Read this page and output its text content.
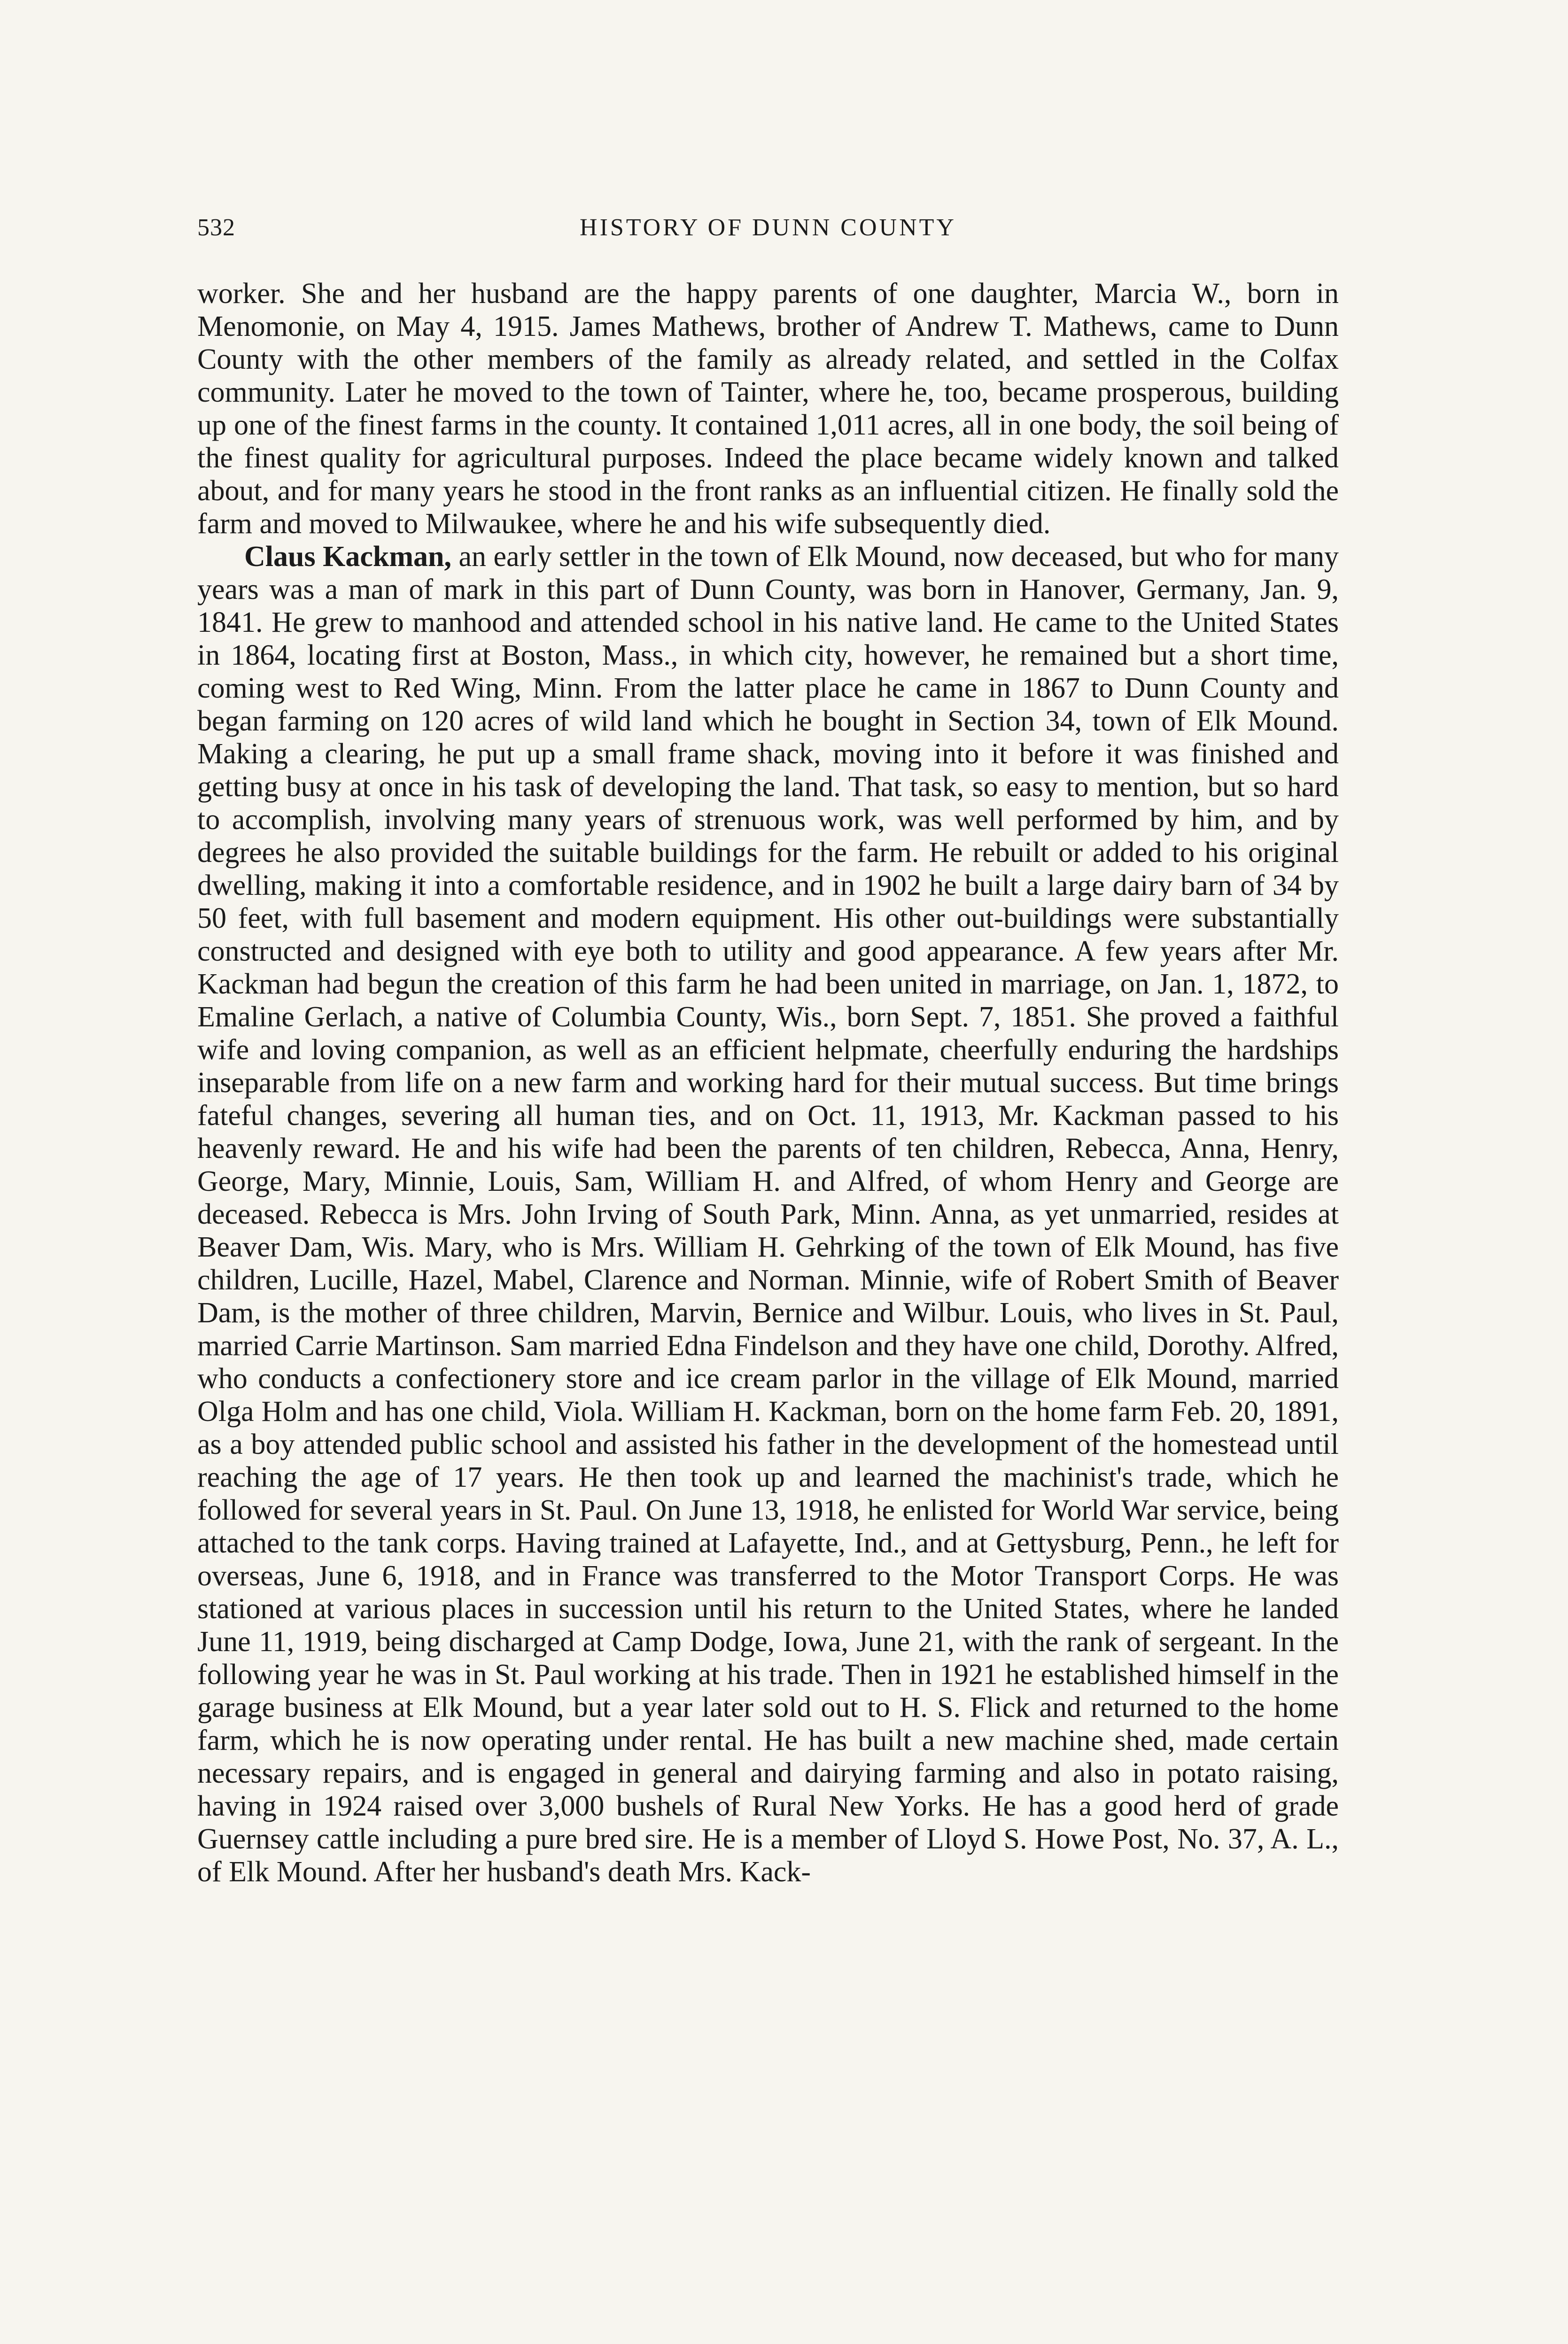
532	HISTORY OF DUNN COUNTY

worker. She and her husband are the happy parents of one daughter, Marcia W., born in Menomonie, on May 4, 1915. James Mathews, brother of Andrew T. Mathews, came to Dunn County with the other members of the family as already related, and settled in the Colfax community. Later he moved to the town of Tainter, where he, too, became prosperous, building up one of the finest farms in the county. It contained 1,011 acres, all in one body, the soil being of the finest quality for agricultural purposes. Indeed the place became widely known and talked about, and for many years he stood in the front ranks as an influential citizen. He finally sold the farm and moved to Milwaukee, where he and his wife subsequently died.

Claus Kackman, an early settler in the town of Elk Mound, now deceased, but who for many years was a man of mark in this part of Dunn County, was born in Hanover, Germany, Jan. 9, 1841. He grew to manhood and attended school in his native land. He came to the United States in 1864, locating first at Boston, Mass., in which city, however, he remained but a short time, coming west to Red Wing, Minn. From the latter place he came in 1867 to Dunn County and began farming on 120 acres of wild land which he bought in Section 34, town of Elk Mound. Making a clearing, he put up a small frame shack, moving into it before it was finished and getting busy at once in his task of developing the land. That task, so easy to mention, but so hard to accomplish, involving many years of strenuous work, was well performed by him, and by degrees he also provided the suitable buildings for the farm. He rebuilt or added to his original dwelling, making it into a comfortable residence, and in 1902 he built a large dairy barn of 34 by 50 feet, with full basement and modern equipment. His other out-buildings were substantially constructed and designed with eye both to utility and good appearance. A few years after Mr. Kackman had begun the creation of this farm he had been united in marriage, on Jan. 1, 1872, to Emaline Gerlach, a native of Columbia County, Wis., born Sept. 7, 1851. She proved a faithful wife and loving companion, as well as an efficient helpmate, cheerfully enduring the hardships inseparable from life on a new farm and working hard for their mutual success. But time brings fateful changes, severing all human ties, and on Oct. 11, 1913, Mr. Kackman passed to his heavenly reward. He and his wife had been the parents of ten children, Rebecca, Anna, Henry, George, Mary, Minnie, Louis, Sam, William H. and Alfred, of whom Henry and George are deceased. Rebecca is Mrs. John Irving of South Park, Minn. Anna, as yet unmarried, resides at Beaver Dam, Wis. Mary, who is Mrs. William H. Gehrking of the town of Elk Mound, has five children, Lucille, Hazel, Mabel, Clarence and Norman. Minnie, wife of Robert Smith of Beaver Dam, is the mother of three children, Marvin, Bernice and Wilbur. Louis, who lives in St. Paul, married Carrie Martinson. Sam married Edna Findelson and they have one child, Dorothy. Alfred, who conducts a confectionery store and ice cream parlor in the village of Elk Mound, married Olga Holm and has one child, Viola. William H. Kackman, born on the home farm Feb. 20, 1891, as a boy attended public school and assisted his father in the development of the homestead until reaching the age of 17 years. He then took up and learned the machinist's trade, which he followed for several years in St. Paul. On June 13, 1918, he enlisted for World War service, being attached to the tank corps. Having trained at Lafayette, Ind., and at Gettysburg, Penn., he left for overseas, June 6, 1918, and in France was transferred to the Motor Transport Corps. He was stationed at various places in succession until his return to the United States, where he landed June 11, 1919, being discharged at Camp Dodge, Iowa, June 21, with the rank of sergeant. In the following year he was in St. Paul working at his trade. Then in 1921 he established himself in the garage business at Elk Mound, but a year later sold out to H. S. Flick and returned to the home farm, which he is now operating under rental. He has built a new machine shed, made certain necessary repairs, and is engaged in general and dairying farming and also in potato raising, having in 1924 raised over 3,000 bushels of Rural New Yorks. He has a good herd of grade Guernsey cattle including a pure bred sire. He is a member of Lloyd S. Howe Post, No. 37, A. L., of Elk Mound. After her husband's death Mrs. Kack-
